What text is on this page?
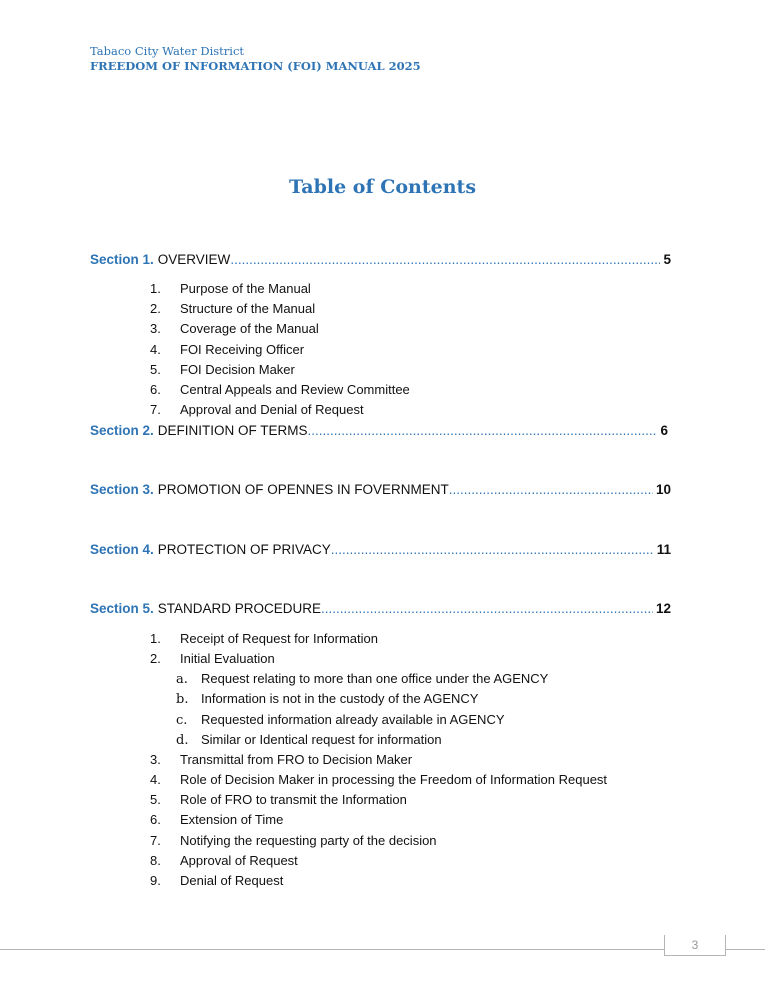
Tabaco City Water District
FREEDOM OF INFORMATION (FOI) MANUAL 2025
Table of Contents
Section 1. OVERVIEW .....	5
1. Purpose of the Manual
2. Structure of the Manual
3. Coverage of the Manual
4. FOI Receiving Officer
5. FOI Decision Maker
6. Central Appeals and Review Committee
7. Approval and Denial of Request
Section 2. DEFINITION OF TERMS .....	6
Section 3. PROMOTION OF OPENNES IN FOVERNMENT .....	10
Section 4. PROTECTION OF PRIVACY .....	11
Section 5. STANDARD PROCEDURE .....	12
1. Receipt of Request for Information
2. Initial Evaluation
a. Request relating to more than one office under the AGENCY
b. Information is not in the custody of the AGENCY
c. Requested information already available in AGENCY
d. Similar or Identical request for information
3. Transmittal from FRO to Decision Maker
4. Role of Decision Maker in processing the Freedom of Information Request
5. Role of FRO to transmit the Information
6. Extension of Time
7. Notifying the requesting party of the decision
8. Approval of Request
9. Denial of Request
3
